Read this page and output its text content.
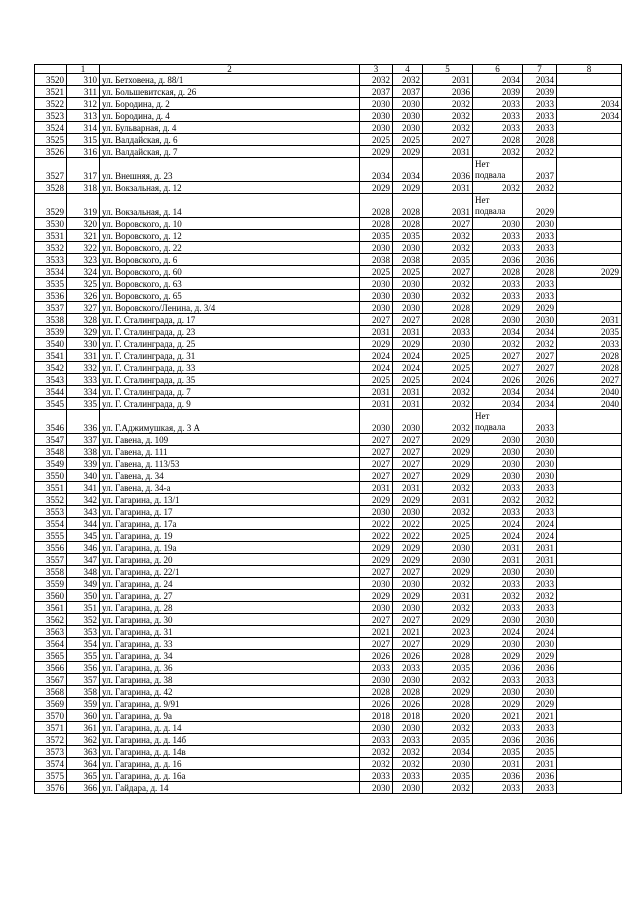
	1	2	3	4	5	6	7	8
3520	310	ул. Бетховена, д. 88/1	2032	2032	2031	2034	2034	
3521	311	ул. Большевитская, д. 26	2037	2037	2036	2039	2039	
3522	312	ул. Бородина, д. 2	2030	2030	2032	2033	2033	2034
3523	313	ул. Бородина, д. 4	2030	2030	2032	2033	2033	2034
3524	314	ул. Бульварная, д. 4	2030	2030	2032	2033	2033	
3525	315	ул. Валдайская, д. 6	2025	2025	2027	2028	2028	
3526	316	ул. Валдайская, д. 7	2029	2029	2031	2032	2032	
3527	317	ул. Внешняя, д. 23	2034	2034	2036	Нет подвала	2037	
3528	318	ул. Вокзальная, д. 12	2029	2029	2031	2032	2032	
3529	319	ул. Вокзальная, д. 14	2028	2028	2031	Нет подвала	2029	
3530	320	ул. Воровского, д. 10	2028	2028	2027	2030	2030	
3531	321	ул. Воровского, д. 12	2035	2035	2032	2033	2033	
3532	322	ул. Воровского, д. 22	2030	2030	2032	2033	2033	
3533	323	ул. Воровского, д. 6	2038	2038	2035	2036	2036	
3534	324	ул. Воровского, д. 60	2025	2025	2027	2028	2028	2029
3535	325	ул. Воровского, д. 63	2030	2030	2032	2033	2033	
3536	326	ул. Воровского, д. 65	2030	2030	2032	2033	2033	
3537	327	ул. Воровского/Ленина, д. 3/4	2030	2030	2028	2029	2029	
3538	328	ул. Г. Сталинграда, д. 17	2027	2027	2028	2030	2030	2031
3539	329	ул. Г. Сталинграда, д. 23	2031	2031	2033	2034	2034	2035
3540	330	ул. Г. Сталинграда, д. 25	2029	2029	2030	2032	2032	2033
3541	331	ул. Г. Сталинграда, д. 31	2024	2024	2025	2027	2027	2028
3542	332	ул. Г. Сталинграда, д. 33	2024	2024	2025	2027	2027	2028
3543	333	ул. Г. Сталинграда, д. 35	2025	2025	2024	2026	2026	2027
3544	334	ул. Г. Сталинграда, д. 7	2031	2031	2032	2034	2034	2040
3545	335	ул. Г. Сталинграда, д. 9	2031	2031	2032	2034	2034	2040
3546	336	ул. Г.Аджимушкая, д. 3 А	2030	2030	2032	Нет подвала	2033	
3547	337	ул. Гавена, д. 109	2027	2027	2029	2030	2030	
3548	338	ул. Гавена, д. 111	2027	2027	2029	2030	2030	
3549	339	ул. Гавена, д. 113/53	2027	2027	2029	2030	2030	
3550	340	ул. Гавена, д. 34	2027	2027	2029	2030	2030	
3551	341	ул. Гавена, д. 34-а	2031	2031	2032	2033	2033	
3552	342	ул. Гагарина, д. 13/1	2029	2029	2031	2032	2032	
3553	343	ул. Гагарина, д. 17	2030	2030	2032	2033	2033	
3554	344	ул. Гагарина, д. 17а	2022	2022	2025	2024	2024	
3555	345	ул. Гагарина, д. 19	2022	2022	2025	2024	2024	
3556	346	ул. Гагарина, д. 19а	2029	2029	2030	2031	2031	
3557	347	ул. Гагарина, д. 20	2029	2029	2030	2031	2031	
3558	348	ул. Гагарина, д. 22/1	2027	2027	2029	2030	2030	
3559	349	ул. Гагарина, д. 24	2030	2030	2032	2033	2033	
3560	350	ул. Гагарина, д. 27	2029	2029	2031	2032	2032	
3561	351	ул. Гагарина, д. 28	2030	2030	2032	2033	2033	
3562	352	ул. Гагарина, д. 30	2027	2027	2029	2030	2030	
3563	353	ул. Гагарина, д. 31	2021	2021	2023	2024	2024	
3564	354	ул. Гагарина, д. 33	2027	2027	2029	2030	2030	
3565	355	ул. Гагарина, д. 34	2026	2026	2028	2029	2029	
3566	356	ул. Гагарина, д. 36	2033	2033	2035	2036	2036	
3567	357	ул. Гагарина, д. 38	2030	2030	2032	2033	2033	
3568	358	ул. Гагарина, д. 42	2028	2028	2029	2030	2030	
3569	359	ул. Гагарина, д. 9/91	2026	2026	2028	2029	2029	
3570	360	ул. Гагарина, д. 9а	2018	2018	2020	2021	2021	
3571	361	ул. Гагарина, д. д. 14	2030	2030	2032	2033	2033	
3572	362	ул. Гагарина, д. д. 14б	2033	2033	2035	2036	2036	
3573	363	ул. Гагарина, д. д. 14в	2032	2032	2034	2035	2035	
3574	364	ул. Гагарина, д. д. 16	2032	2032	2030	2031	2031	
3575	365	ул. Гагарина, д. д. 16а	2033	2033	2035	2036	2036	
3576	366	ул. Гайдара, д. 14	2030	2030	2032	2033	2033	
